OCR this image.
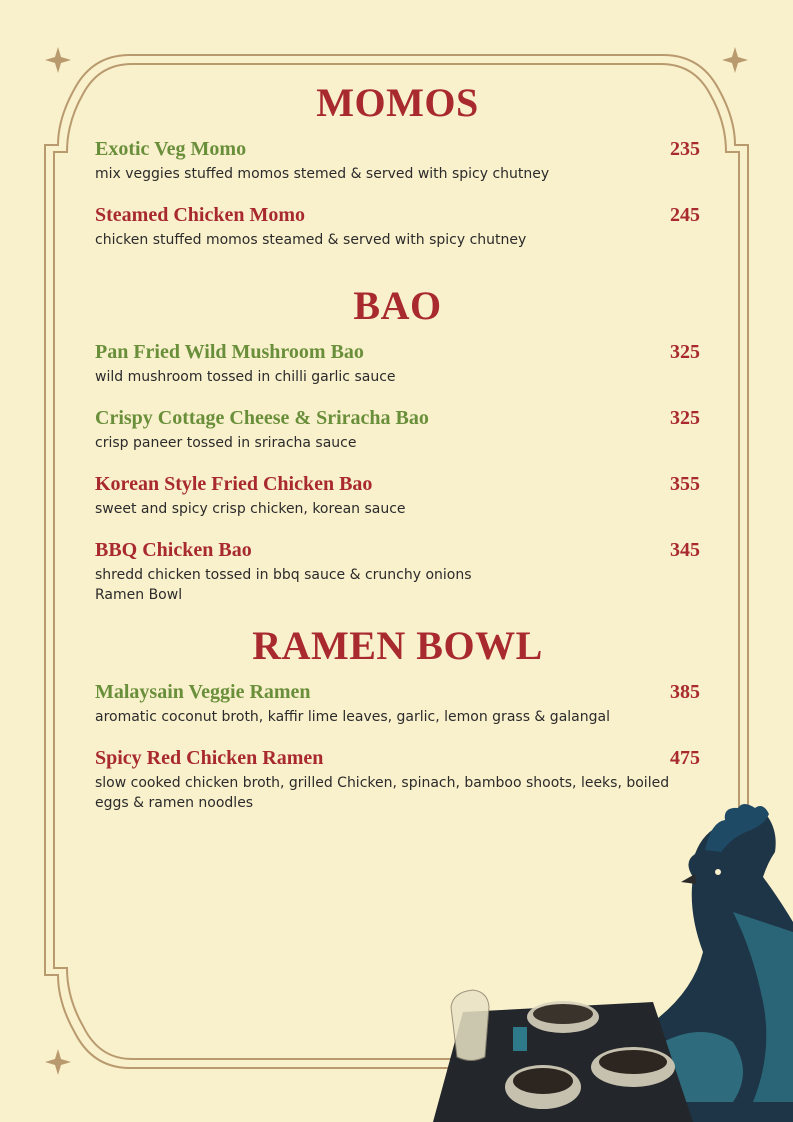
MOMOS
Exotic Veg Momo	235
mix veggies stuffed momos stemed & served with spicy chutney
Steamed Chicken Momo	245
chicken stuffed momos steamed & served with spicy chutney
BAO
Pan Fried Wild Mushroom Bao	325
wild mushroom tossed in chilli garlic sauce
Crispy Cottage Cheese & Sriracha Bao	325
crisp paneer tossed in sriracha sauce
Korean Style Fried Chicken Bao	355
sweet and spicy crisp chicken, korean sauce
BBQ Chicken Bao	345
shredd chicken tossed in bbq sauce & crunchy onions
Ramen Bowl
RAMEN BOWL
Malaysain Veggie Ramen	385
aromatic coconut broth, kaffir lime leaves, garlic, lemon grass & galangal
Spicy Red Chicken Ramen	475
slow cooked chicken broth, grilled Chicken, spinach, bamboo shoots, leeks, boiled eggs & ramen noodles
